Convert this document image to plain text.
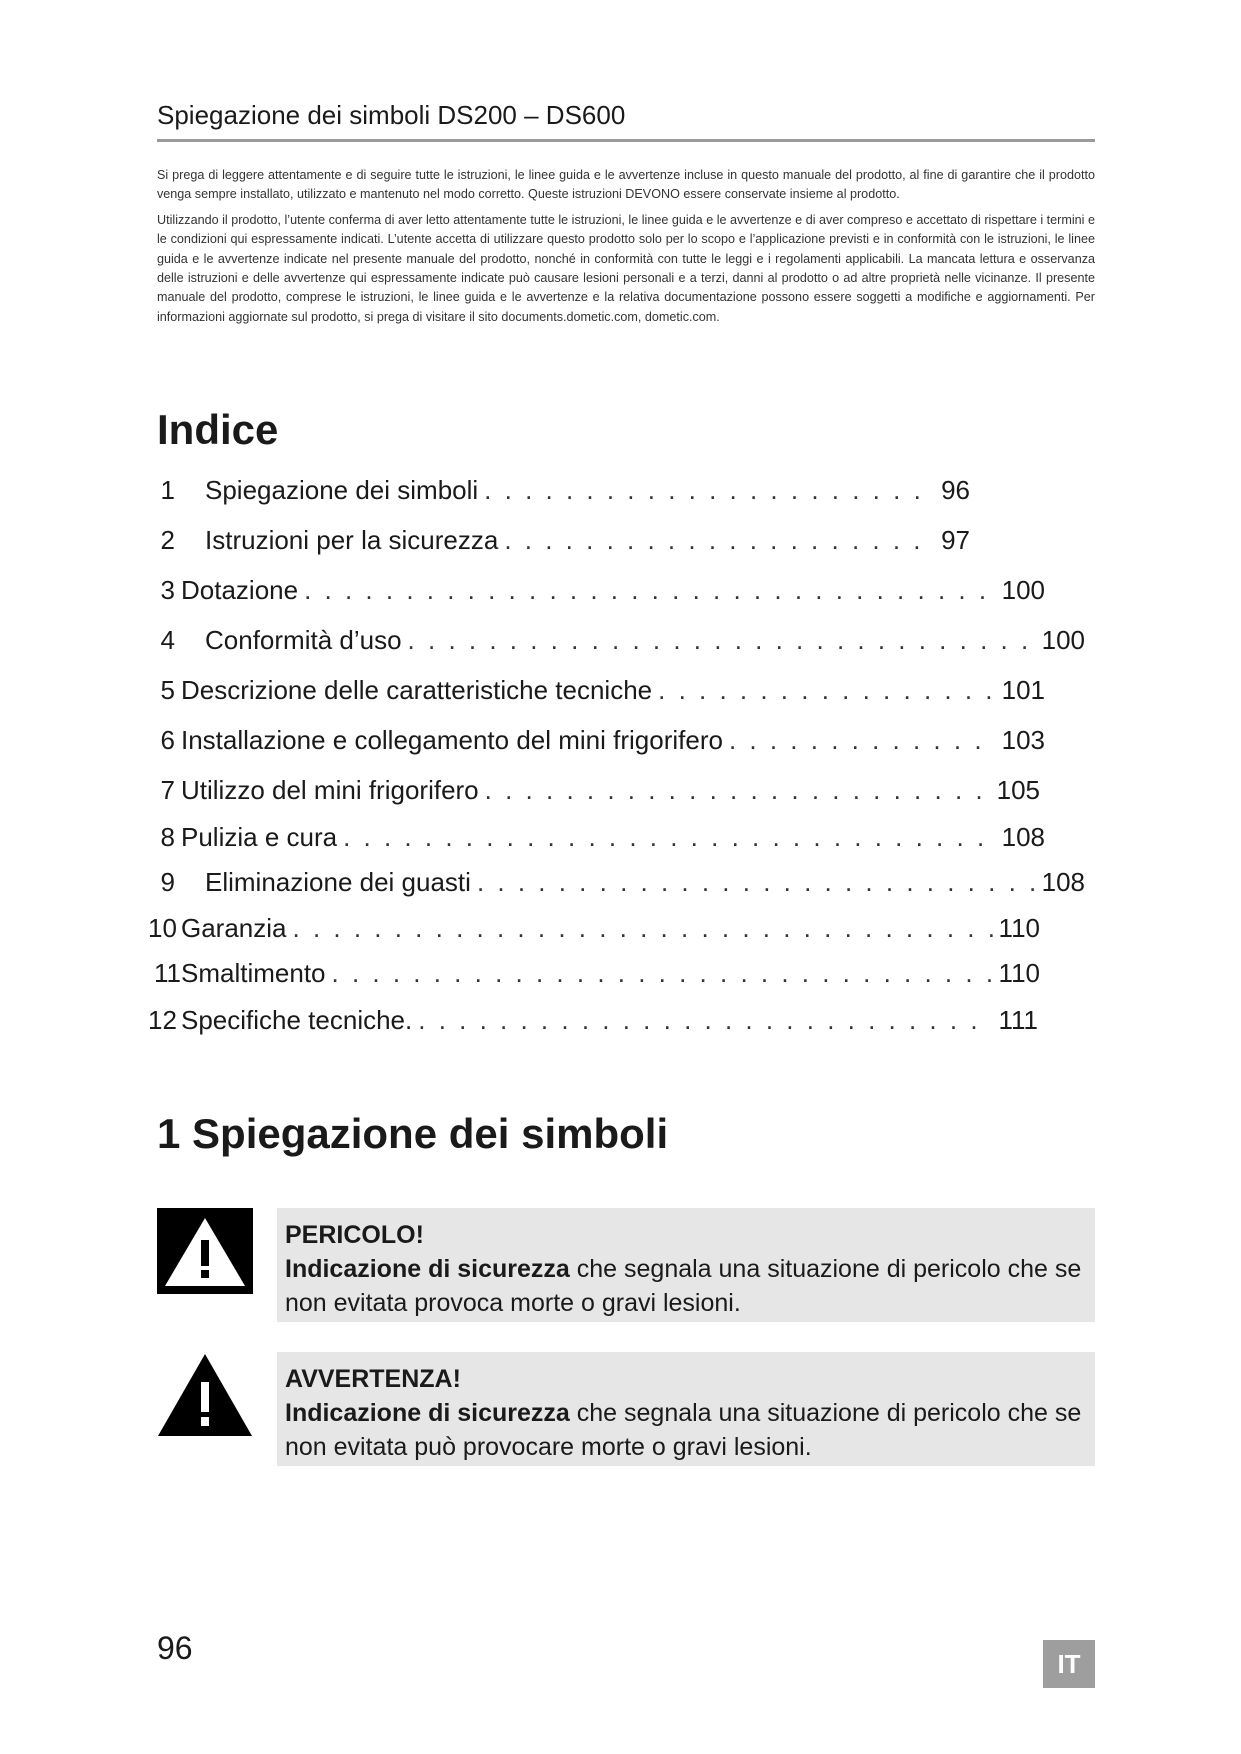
Spiegazione dei simboli DS200 – DS600

Si prega di leggere attentamente e di seguire tutte le istruzioni, le linee guida e le avvertenze incluse in questo manuale del prodotto, al fine di garantire che il prodotto venga sempre installato, utilizzato e mantenuto nel modo corretto. Queste istruzioni DEVONO essere conservate insieme al prodotto.

Utilizzando il prodotto, l’utente conferma di aver letto attentamente tutte le istruzioni, le linee guida e le avvertenze e di aver compreso e accettato di rispettare i termini e le condizioni qui espressamente indicati. L’utente accetta di utilizzare questo prodotto solo per lo scopo e l’applicazione previsti e in conformità con le istruzioni, le linee guida e le avvertenze indicate nel presente manuale del prodotto, nonché in conformità con tutte le leggi e i regolamenti applicabili. La mancata lettura e osservanza delle istruzioni e delle avvertenze qui espressamente indicate può causare lesioni personali e a terzi, danni al prodotto o ad altre proprietà nelle vicinanze. Il presente manuale del prodotto, comprese le istruzioni, le linee guida e le avvertenze e la relativa documentazione possono essere soggetti a modifiche e aggiornamenti. Per informazioni aggiornate sul prodotto, si prega di visitare il sito documents.dometic.com, dometic.com.

Indice
1 Spiegazione dei simboli . . .	96
2 Istruzioni per la sicurezza . . .	97
3 Dotazione . . .	100
4 Conformità d’uso . . .	100
5 Descrizione delle caratteristiche tecniche . . .	101
6 Installazione e collegamento del mini frigorifero . . .	103
7 Utilizzo del mini frigorifero . . .	105
8 Pulizia e cura . . .	108
9 Eliminazione dei guasti . . .	108
10 Garanzia . . .	110
11 Smaltimento . . .	110
12 Specifiche tecniche. . . .	111
1 Spiegazione dei simboli
PERICOLO!
Indicazione di sicurezza che segnala una situazione di pericolo che se non evitata provoca morte o gravi lesioni.
AVVERTENZA!
Indicazione di sicurezza che segnala una situazione di pericolo che se non evitata può provocare morte o gravi lesioni.
96	IT
